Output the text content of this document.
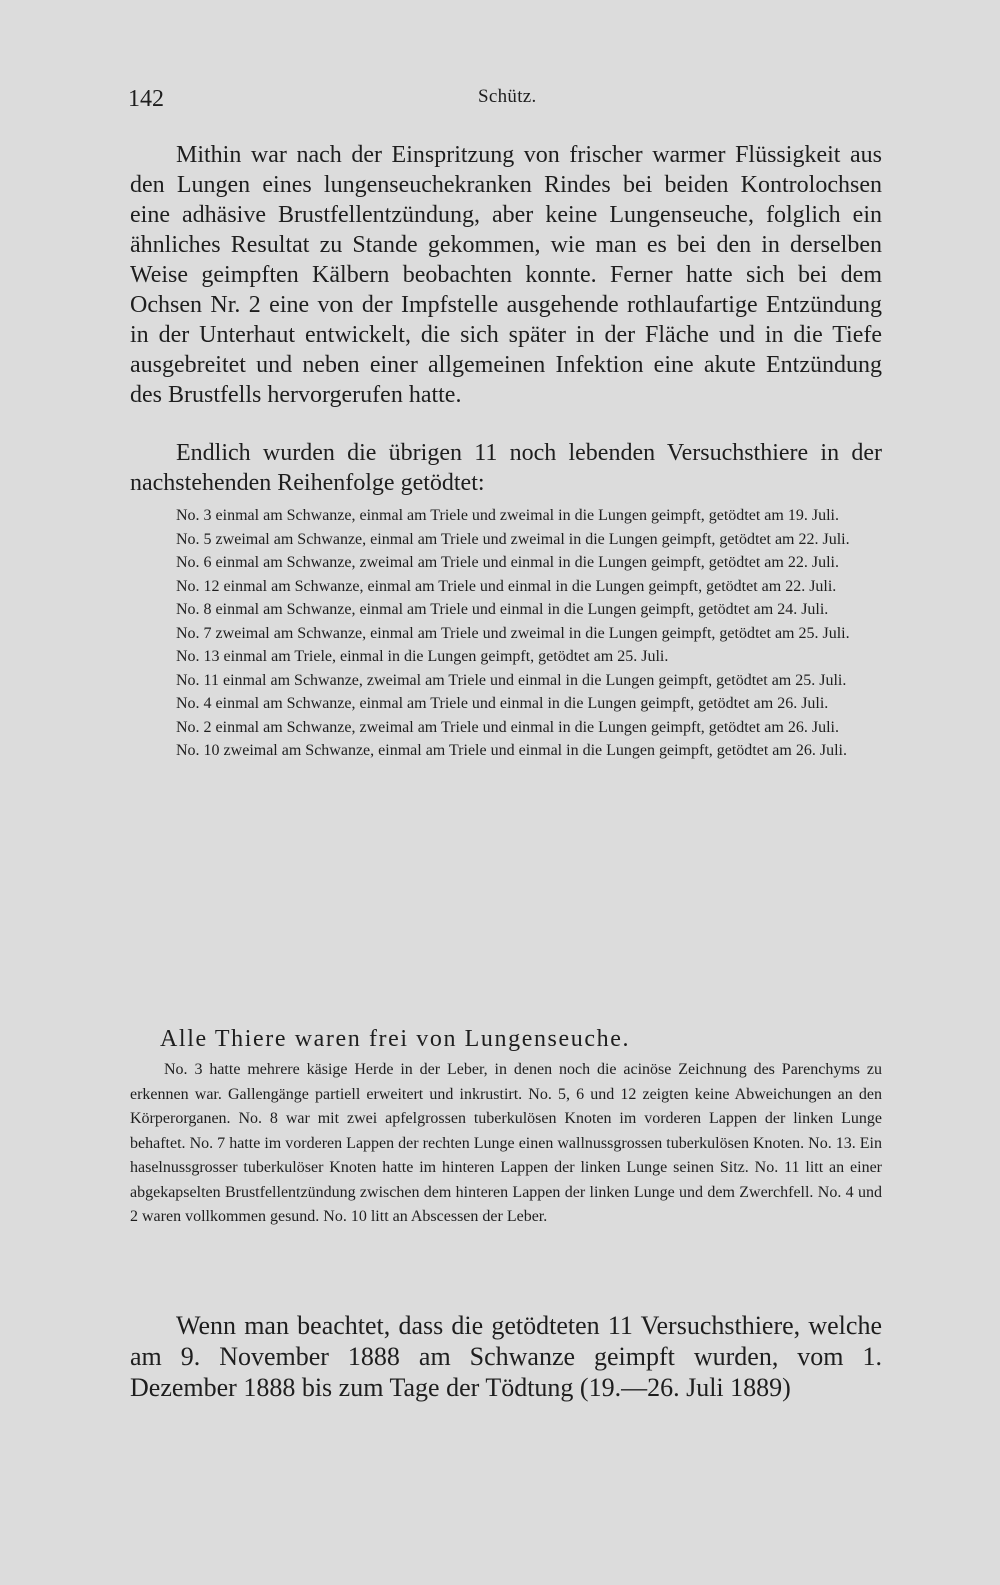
142	Schütz.

Mithin war nach der Einspritzung von frischer warmer Flüssigkeit aus den Lungen eines lungenseuchekranken Rindes bei beiden Kontrolochsen eine adhäsive Brustfellentzündung, aber keine Lungenseuche, folglich ein ähnliches Resultat zu Stande gekommen, wie man es bei den in derselben Weise geimpften Kälbern beobachten konnte. Ferner hatte sich bei dem Ochsen Nr. 2 eine von der Impfstelle ausgehende rothlaufartige Entzündung in der Unterhaut entwickelt, die sich später in der Fläche und in die Tiefe ausgebreitet und neben einer allgemeinen Infektion eine akute Entzündung des Brustfells hervorgerufen hatte.

Endlich wurden die übrigen 11 noch lebenden Versuchsthiere in der nachstehenden Reihenfolge getödtet:

No. 3 einmal am Schwanze, einmal am Triele und zweimal in die Lungen geimpft, getödtet am 19. Juli.

No. 5 zweimal am Schwanze, einmal am Triele und zweimal in die Lungen geimpft, getödtet am 22. Juli.

No. 6 einmal am Schwanze, zweimal am Triele und einmal in die Lungen geimpft, getödtet am 22. Juli.

No. 12 einmal am Schwanze, einmal am Triele und einmal in die Lungen geimpft, getödtet am 22. Juli.

No. 8 einmal am Schwanze, einmal am Triele und einmal in die Lungen geimpft, getödtet am 24. Juli.

No. 7 zweimal am Schwanze, einmal am Triele und zweimal in die Lungen geimpft, getödtet am 25. Juli.

No. 13 einmal am Triele, einmal in die Lungen geimpft, getödtet am 25. Juli.

No. 11 einmal am Schwanze, zweimal am Triele und einmal in die Lungen geimpft, getödtet am 25. Juli.

No. 4 einmal am Schwanze, einmal am Triele und einmal in die Lungen geimpft, getödtet am 26. Juli.

No. 2 einmal am Schwanze, zweimal am Triele und einmal in die Lungen geimpft, getödtet am 26. Juli.

No. 10 zweimal am Schwanze, einmal am Triele und einmal in die Lungen geimpft, getödtet am 26. Juli.

Alle Thiere waren frei von Lungenseuche.

No. 3 hatte mehrere käsige Herde in der Leber, in denen noch die acinöse Zeichnung des Parenchyms zu erkennen war. Gallengänge partiell erweitert und inkrustirt. No. 5, 6 und 12 zeigten keine Abweichungen an den Körperorganen. No. 8 war mit zwei apfelgrossen tuberkulösen Knoten im vorderen Lappen der linken Lunge behaftet. No. 7 hatte im vorderen Lappen der rechten Lunge einen wallnussgrossen tuberkulösen Knoten. No. 13. Ein haselnussgrosser tuberkulöser Knoten hatte im hinteren Lappen der linken Lunge seinen Sitz. No. 11 litt an einer abgekapselten Brustfellentzündung zwischen dem hinteren Lappen der linken Lunge und dem Zwerchfell. No. 4 und 2 waren vollkommen gesund. No. 10 litt an Abscessen der Leber.

Wenn man beachtet, dass die getödteten 11 Versuchsthiere, welche am 9. November 1888 am Schwanze geimpft wurden, vom 1. Dezember 1888 bis zum Tage der Tödtung (19.—26. Juli 1889)
